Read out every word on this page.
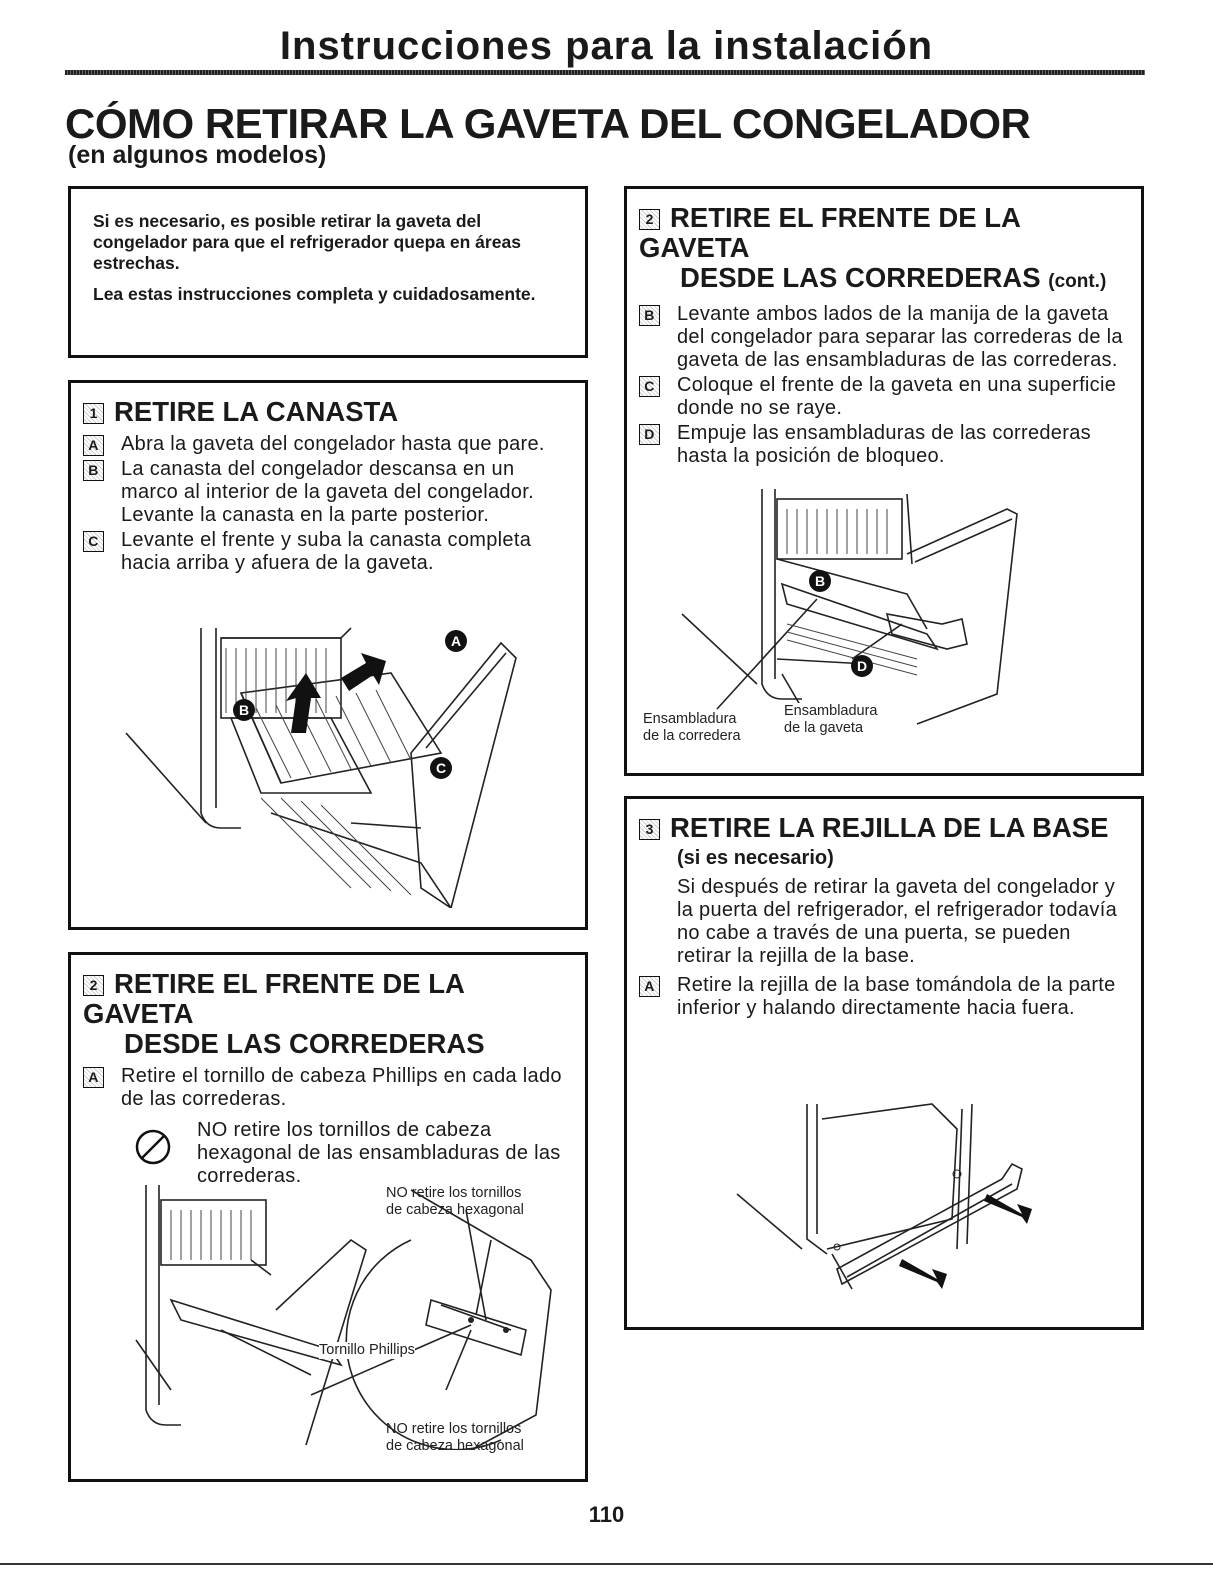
Instrucciones para la instalación
CÓMO RETIRAR LA GAVETA DEL CONGELADOR
(en algunos modelos)

Si es necesario, es posible retirar la gaveta del congelador para que el refrigerador quepa en áreas estrechas.

Lea estas instrucciones completa y cuidadosamente.

1 RETIRE LA CANASTA
A Abra la gaveta del congelador hasta que pare.
B La canasta del congelador descansa en un marco al interior de la gaveta del congelador. Levante la canasta en la parte posterior.
C Levante el frente y suba la canasta completa hacia arriba y afuera de la gaveta.
A
B
C
2 RETIRE EL FRENTE DE LA GAVETA
DESDE LAS CORREDERAS
A Retire el tornillo de cabeza Phillips en cada lado de las correderas.
NO retire los tornillos de cabeza hexagonal de las ensambladuras de las correderas.
NO retire los tornillos
de cabeza hexagonal
Tornillo Phillips
NO retire los tornillos
de cabeza hexagonal
2 RETIRE EL FRENTE DE LA GAVETA
DESDE LAS CORREDERAS (cont.)
B Levante ambos lados de la manija de la gaveta del congelador para separar las correderas de la gaveta de las ensambladuras de las correderas.
C Coloque el frente de la gaveta en una superficie donde no se raye.
D Empuje las ensambladuras de las correderas hasta la posición de bloqueo.
B
D
Ensambladura
de la corredera
Ensambladura
de la gaveta
3 RETIRE LA REJILLA DE LA BASE
(si es necesario)
Si después de retirar la gaveta del congelador y la puerta del refrigerador, el refrigerador todavía no cabe a través de una puerta, se pueden retirar la rejilla de la base.
A Retire la rejilla de la base tomándola de la parte inferior y halando directamente hacia fuera.
110
